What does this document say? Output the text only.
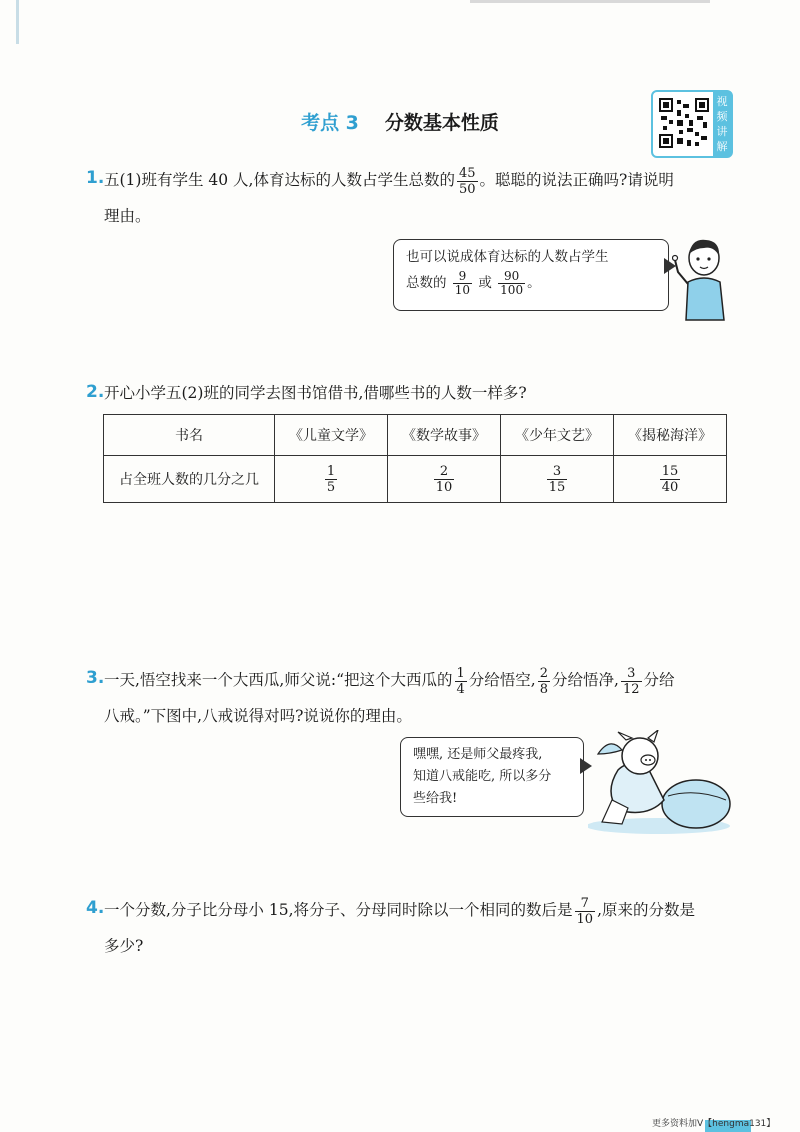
考点 3 分数基本性质
视
频
讲
解
1. 五(1)班有学生 40 人,体育达标的人数占学生总数的 $\frac{45}{50}$ 。聪聪的说法正确吗?请说明
理由。
也可以说成体育达标的人数占学生
总数的 $\frac{9}{10}$ 或 $\frac{90}{100}$ 。
2. 开心小学五(2)班的同学去图书馆借书,借哪些书的人数一样多?
书名	《儿童文学》	《数学故事》	《少年文艺》	《揭秘海洋》
占全班人数的几分之几	$\frac{1}{5}$	$\frac{2}{10}$	$\frac{3}{15}$	$\frac{15}{40}$
3. 一天,悟空找来一个大西瓜,师父说:“把这个大西瓜的 $\frac{1}{4}$ 分给悟空, $\frac{2}{8}$ 分给悟净, $\frac{3}{12}$ 分给
八戒。”下图中,八戒说得对吗?说说你的理由。
嘿嘿, 还是师父最疼我,
知道八戒能吃, 所以多分
些给我!
4. 一个分数,分子比分母小 15,将分子、分母同时除以一个相同的数后是 $\frac{7}{10}$ ,原来的分数是
多少?
更多资料加V【hengma131】
